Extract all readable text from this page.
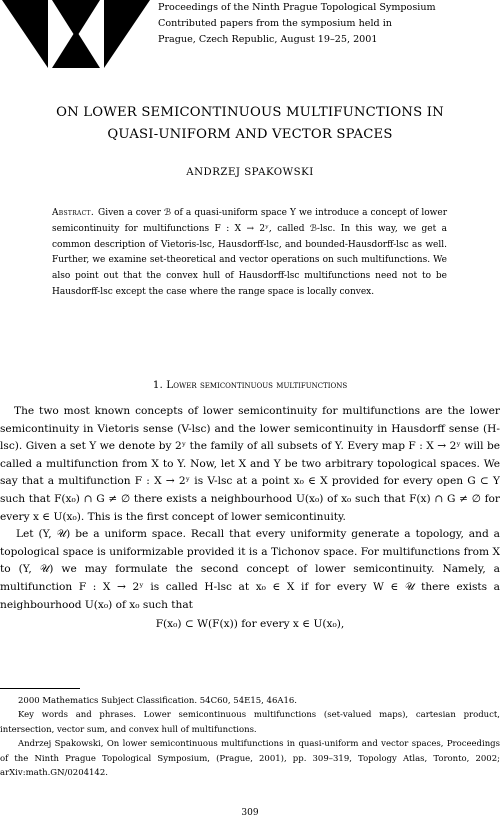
Proceedings of the Ninth Prague Topological Symposium
Contributed papers from the symposium held in
Prague, Czech Republic, August 19–25, 2001
ON LOWER SEMICONTINUOUS MULTIFUNCTIONS IN
QUASI-UNIFORM AND VECTOR SPACES
ANDRZEJ SPAKOWSKI
Abstract. Given a cover ℬ of a quasi-uniform space Y we introduce a concept of lower semicontinuity for multifunctions F : X → 2ʸ, called ℬ-lsc. In this way, we get a common description of Vietoris-lsc, Hausdorff-lsc, and bounded-Hausdorff-lsc as well. Further, we examine set-theoretical and vector operations on such multifunctions. We also point out that the convex hull of Hausdorff-lsc multifunctions need not to be Hausdorff-lsc except the case where the range space is locally convex.
1. Lower semicontinuous multifunctions

The two most known concepts of lower semicontinuity for multifunctions are the lower semicontinuity in Vietoris sense (V-lsc) and the lower semicontinuity in Hausdorff sense (H-lsc). Given a set Y we denote by 2ʸ the family of all subsets of Y. Every map F : X → 2ʸ will be called a multifunction from X to Y. Now, let X and Y be two arbitrary topological spaces. We say that a multifunction F : X → 2ʸ is V-lsc at a point x₀ ∈ X provided for every open G ⊂ Y such that F(x₀) ∩ G ≠ ∅ there exists a neighbourhood U(x₀) of x₀ such that F(x) ∩ G ≠ ∅ for every x ∈ U(x₀). This is the first concept of lower semicontinuity.

Let (Y, 𝒰) be a uniform space. Recall that every uniformity generate a topology, and a topological space is uniformizable provided it is a Tichonov space. For multifunctions from X to (Y, 𝒰) we may formulate the second concept of lower semicontinuity. Namely, a multifunction F : X → 2ʸ is called H-lsc at x₀ ∈ X if for every W ∈ 𝒰 there exists a neighbourhood U(x₀) of x₀ such that

F(x₀) ⊂ W(F(x)) for every x ∈ U(x₀),

2000 Mathematics Subject Classification. 54C60, 54E15, 46A16.

Key words and phrases. Lower semicontinuous multifunctions (set-valued maps), cartesian product, intersection, vector sum, and convex hull of multifunctions.

Andrzej Spakowski, On lower semicontinuous multifunctions in quasi-uniform and vector spaces, Proceedings of the Ninth Prague Topological Symposium, (Prague, 2001), pp. 309–319, Topology Atlas, Toronto, 2002; arXiv:math.GN/0204142.

309
